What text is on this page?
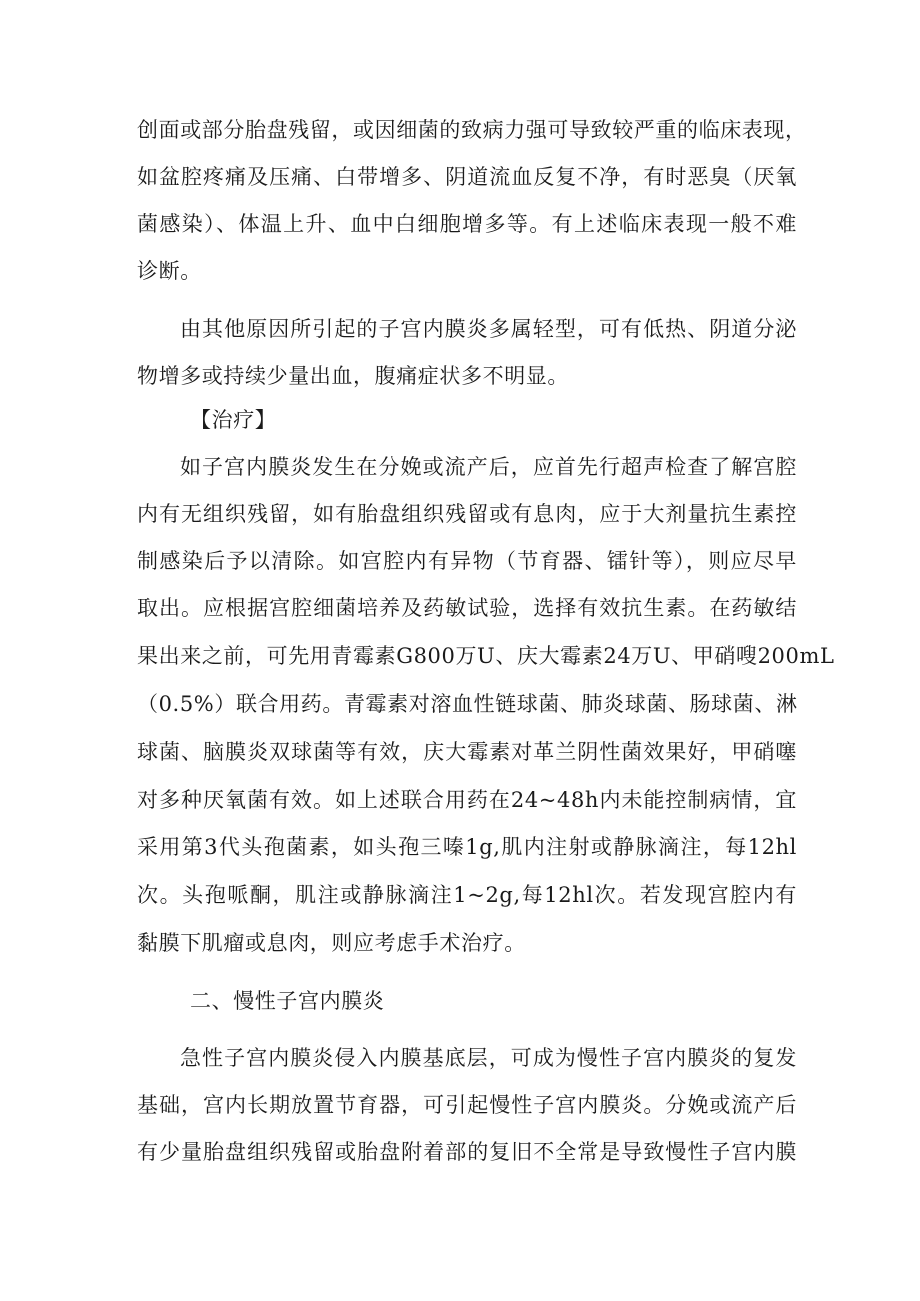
创面或部分胎盘残留，或因细菌的致病力强可导致较严重的临床表现，
如盆腔疼痛及压痛、白带增多、阴道流血反复不净，有时恶臭（厌氧
菌感染）、体温上升、血中白细胞增多等。有上述临床表现一般不难
诊断。
由其他原因所引起的子宫内膜炎多属轻型，可有低热、阴道分泌
物增多或持续少量出血，腹痛症状多不明显。
【治疗】
如子宫内膜炎发生在分娩或流产后，应首先行超声检查了解宫腔
内有无组织残留，如有胎盘组织残留或有息肉，应于大剂量抗生素控
制感染后予以清除。如宫腔内有异物（节育器、镭针等），则应尽早
取出。应根据宫腔细菌培养及药敏试验，选择有效抗生素。在药敏结
果出来之前，可先用青霉素G800万U、庆大霉素24万U、甲硝嗖200mL
（0.5%）联合用药。青霉素对溶血性链球菌、肺炎球菌、肠球菌、淋
球菌、脑膜炎双球菌等有效，庆大霉素对革兰阴性菌效果好，甲硝噻
对多种厌氧菌有效。如上述联合用药在24~48h内未能控制病情，宜
采用第3代头孢菌素，如头孢三嗪1g,肌内注射或静脉滴注，每12hl
次。头孢哌酮，肌注或静脉滴注1~2g,每12hl次。若发现宫腔内有
黏膜下肌瘤或息肉，则应考虑手术治疗。
二、慢性子宫内膜炎
急性子宫内膜炎侵入内膜基底层，可成为慢性子宫内膜炎的复发
基础，宫内长期放置节育器，可引起慢性子宫内膜炎。分娩或流产后
有少量胎盘组织残留或胎盘附着部的复旧不全常是导致慢性子宫内膜
